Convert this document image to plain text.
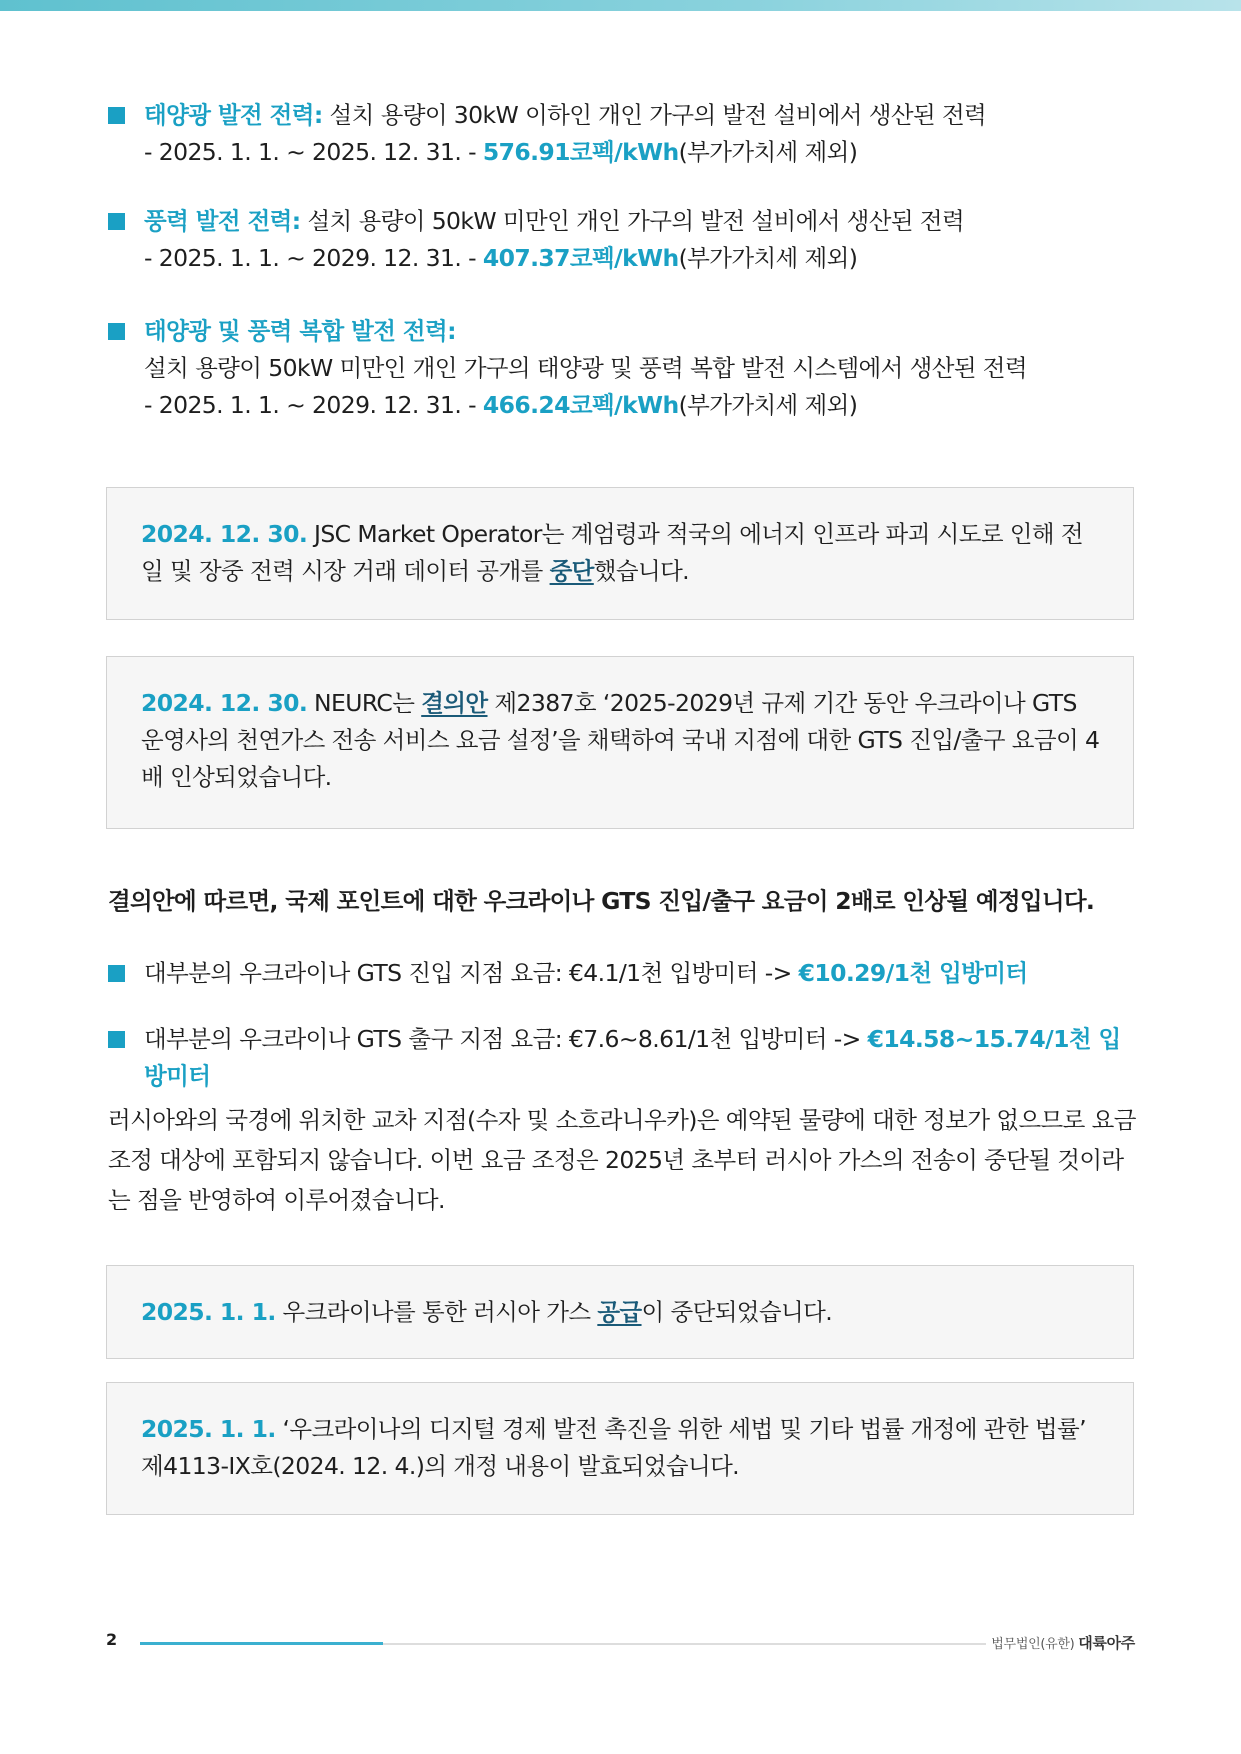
태양광 발전 전력: 설치 용량이 30kW 이하인 개인 가구의 발전 설비에서 생산된 전력
- 2025. 1. 1. ~ 2025. 12. 31. - 576.91코펙/kWh(부가가치세 제외)
풍력 발전 전력: 설치 용량이 50kW 미만인 개인 가구의 발전 설비에서 생산된 전력
- 2025. 1. 1. ~ 2029. 12. 31. - 407.37코펙/kWh(부가가치세 제외)
태양광 및 풍력 복합 발전 전력:
설치 용량이 50kW 미만인 개인 가구의 태양광 및 풍력 복합 발전 시스템에서 생산된 전력
- 2025. 1. 1. ~ 2029. 12. 31. - 466.24코펙/kWh(부가가치세 제외)
2024. 12. 30. JSC Market Operator는 계엄령과 적국의 에너지 인프라 파괴 시도로 인해 전일 및 장중 전력 시장 거래 데이터 공개를 중단했습니다.
2024. 12. 30. NEURC는 결의안 제2387호 ‘2025-2029년 규제 기간 동안 우크라이나 GTS 운영사의 천연가스 전송 서비스 요금 설정’을 채택하여 국내 지점에 대한 GTS 진입/출구 요금이 4배 인상되었습니다.
결의안에 따르면, 국제 포인트에 대한 우크라이나 GTS 진입/출구 요금이 2배로 인상될 예정입니다.
대부분의 우크라이나 GTS 진입 지점 요금: €4.1/1천 입방미터 -> €10.29/1천 입방미터
대부분의 우크라이나 GTS 출구 지점 요금: €7.6~8.61/1천 입방미터 -> €14.58~15.74/1천 입방미터
러시아와의 국경에 위치한 교차 지점(수자 및 소흐라니우카)은 예약된 물량에 대한 정보가 없으므로 요금 조정 대상에 포함되지 않습니다. 이번 요금 조정은 2025년 초부터 러시아 가스의 전송이 중단될 것이라는 점을 반영하여 이루어졌습니다.
2025. 1. 1. 우크라이나를 통한 러시아 가스 공급이 중단되었습니다.
2025. 1. 1. ‘우크라이나의 디지털 경제 발전 촉진을 위한 세법 및 기타 법률 개정에 관한 법률’ 제4113-IX호(2024. 12. 4.)의 개정 내용이 발효되었습니다.
2	법무법인(유한) 대륙아주
